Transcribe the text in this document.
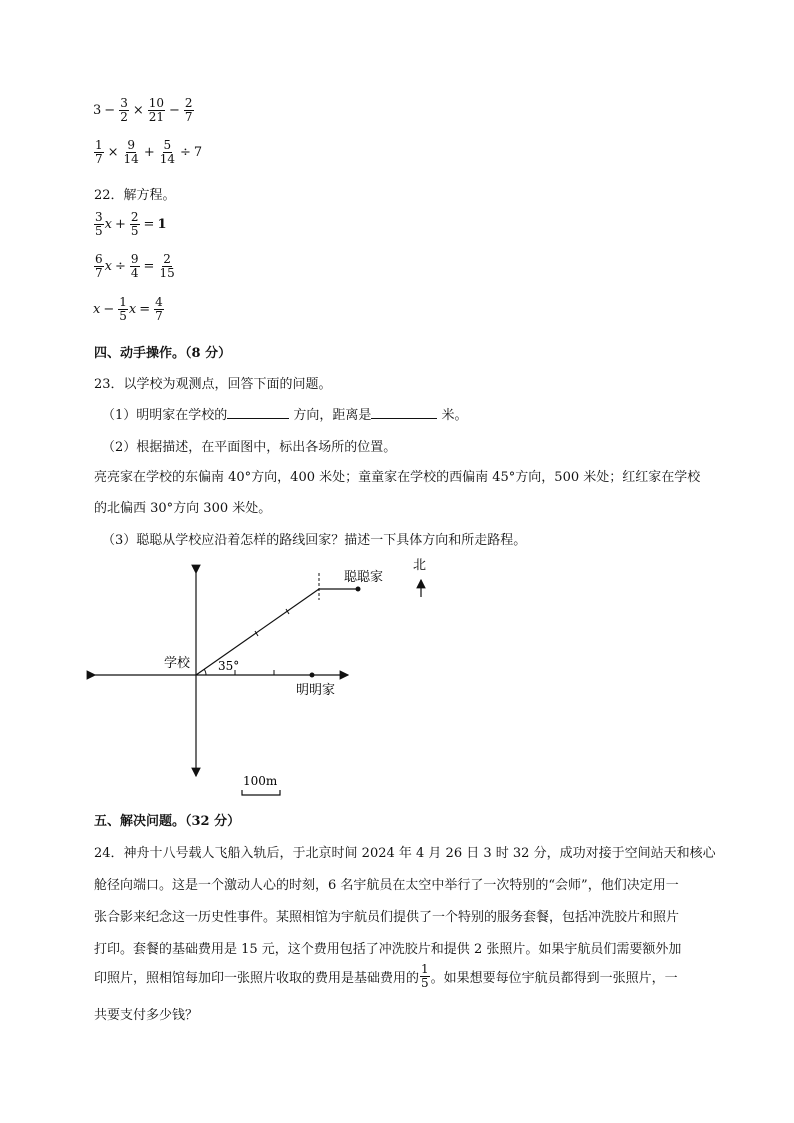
$3 - \frac{3}{2} \times \frac{10}{21} - \frac{2}{7}$
$\frac{1}{7} \times \frac{9}{14} + \frac{5}{14} \div 7$
22．解方程。
$\frac{3}{5}$ $x + \frac{2}{5} = 1$
$\frac{6}{7}$ $x \div \frac{9}{4} = \frac{2}{15}$
$x - \frac{1}{5}$ $x = \frac{4}{7}$
四、动手操作。（8 分）
23．以学校为观测点，回答下面的问题。
（1）明明家在学校的	方向，距离是	米。
（2）根据描述，在平面图中，标出各场所的位置。
亮亮家在学校的东偏南 40°方向，400 米处；童童家在学校的西偏南 45°方向，500 米处；红红家在学校
的北偏西 30°方向 300 米处。
（3）聪聪从学校应沿着怎样的路线回家？描述一下具体方向和所走路程。
学校 35°
明明家
聪聪家
北
100m
五、解决问题。（32 分）
24．神舟十八号载人飞船入轨后，于北京时间 2024 年 4 月 26 日 3 时 32 分，成功对接于空间站天和核心
舱径向端口。这是一个激动人心的时刻，6 名宇航员在太空中举行了一次特别的“会师”，他们决定用一
张合影来纪念这一历史性事件。某照相馆为宇航员们提供了一个特别的服务套餐，包括冲洗胶片和照片
打印。套餐的基础费用是 15 元，这个费用包括了冲洗胶片和提供 2 张照片。如果宇航员们需要额外加
印照片，照相馆每加印一张照片收取的费用是基础费用的 $\frac{1}{5}$ 。如果想要每位宇航员都得到一张照片，一
共要支付多少钱？
